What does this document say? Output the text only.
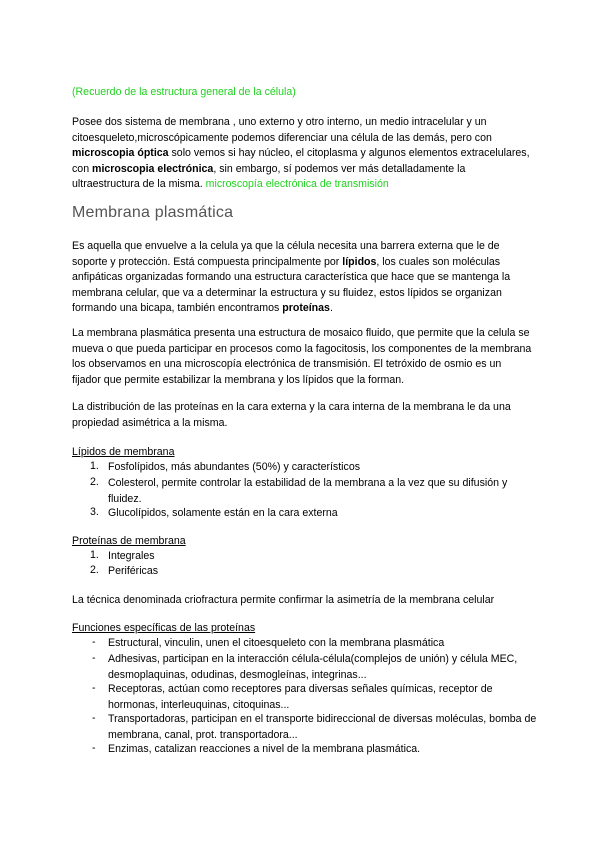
(Recuerdo de la estructura general de la célula)
Posee dos sistema de membrana , uno externo y otro interno, un medio intracelular y un citoesqueleto,microscópicamente podemos diferenciar una célula de las demás, pero con microscopia óptica solo vemos si hay núcleo, el citoplasma y algunos elementos extracelulares, con microscopia electrónica, sin embargo, sí podemos ver más detalladamente la ultraestructura de la misma. microscopía electrónica de transmisión
Membrana plasmática
Es aquella que envuelve a la celula ya que la célula necesita una barrera externa que le de soporte y protección. Está compuesta principalmente por lípidos, los cuales son moléculas anfipáticas organizadas formando una estructura característica que hace que se mantenga la membrana celular, que va a determinar la estructura y su fluidez, estos lípidos se organizan formando una bicapa, también encontramos proteínas.
La membrana plasmática presenta una estructura de mosaico fluido, que permite que la celula se mueva o que pueda participar en procesos como la fagocitosis, los componentes de la membrana los observamos en una microscopía electrónica de transmisión. El tetróxido de osmio es un fijador que permite estabilizar la membrana y los lípidos que la forman.
La distribución de las proteínas en la cara externa y la cara interna de la membrana le da una propiedad asimétrica a la misma.
Lípidos de membrana
1. Fosfolípidos, más abundantes (50%) y característicos
2. Colesterol, permite controlar la estabilidad de la membrana a la vez que su difusión y fluidez.
3. Glucolípidos, solamente están en la cara externa
Proteínas de membrana
1. Integrales
2. Periféricas
La técnica denominada criofractura permite confirmar la asimetría de la membrana celular
Funciones específicas de las proteínas
- Estructural, vinculin, unen el citoesqueleto con la membrana plasmática
- Adhesivas, participan en la interacción célula-célula(complejos de unión) y célula MEC, desmoplaquinas, odudinas, desmogleínas, integrinas...
- Receptoras, actúan como receptores para diversas señales químicas, receptor de hormonas, interleuquinas, citoquinas...
- Transportadoras, participan en el transporte bidireccional de diversas moléculas, bomba de membrana, canal, prot. transportadora...
- Enzimas, catalizan reacciones a nivel de la membrana plasmática.
